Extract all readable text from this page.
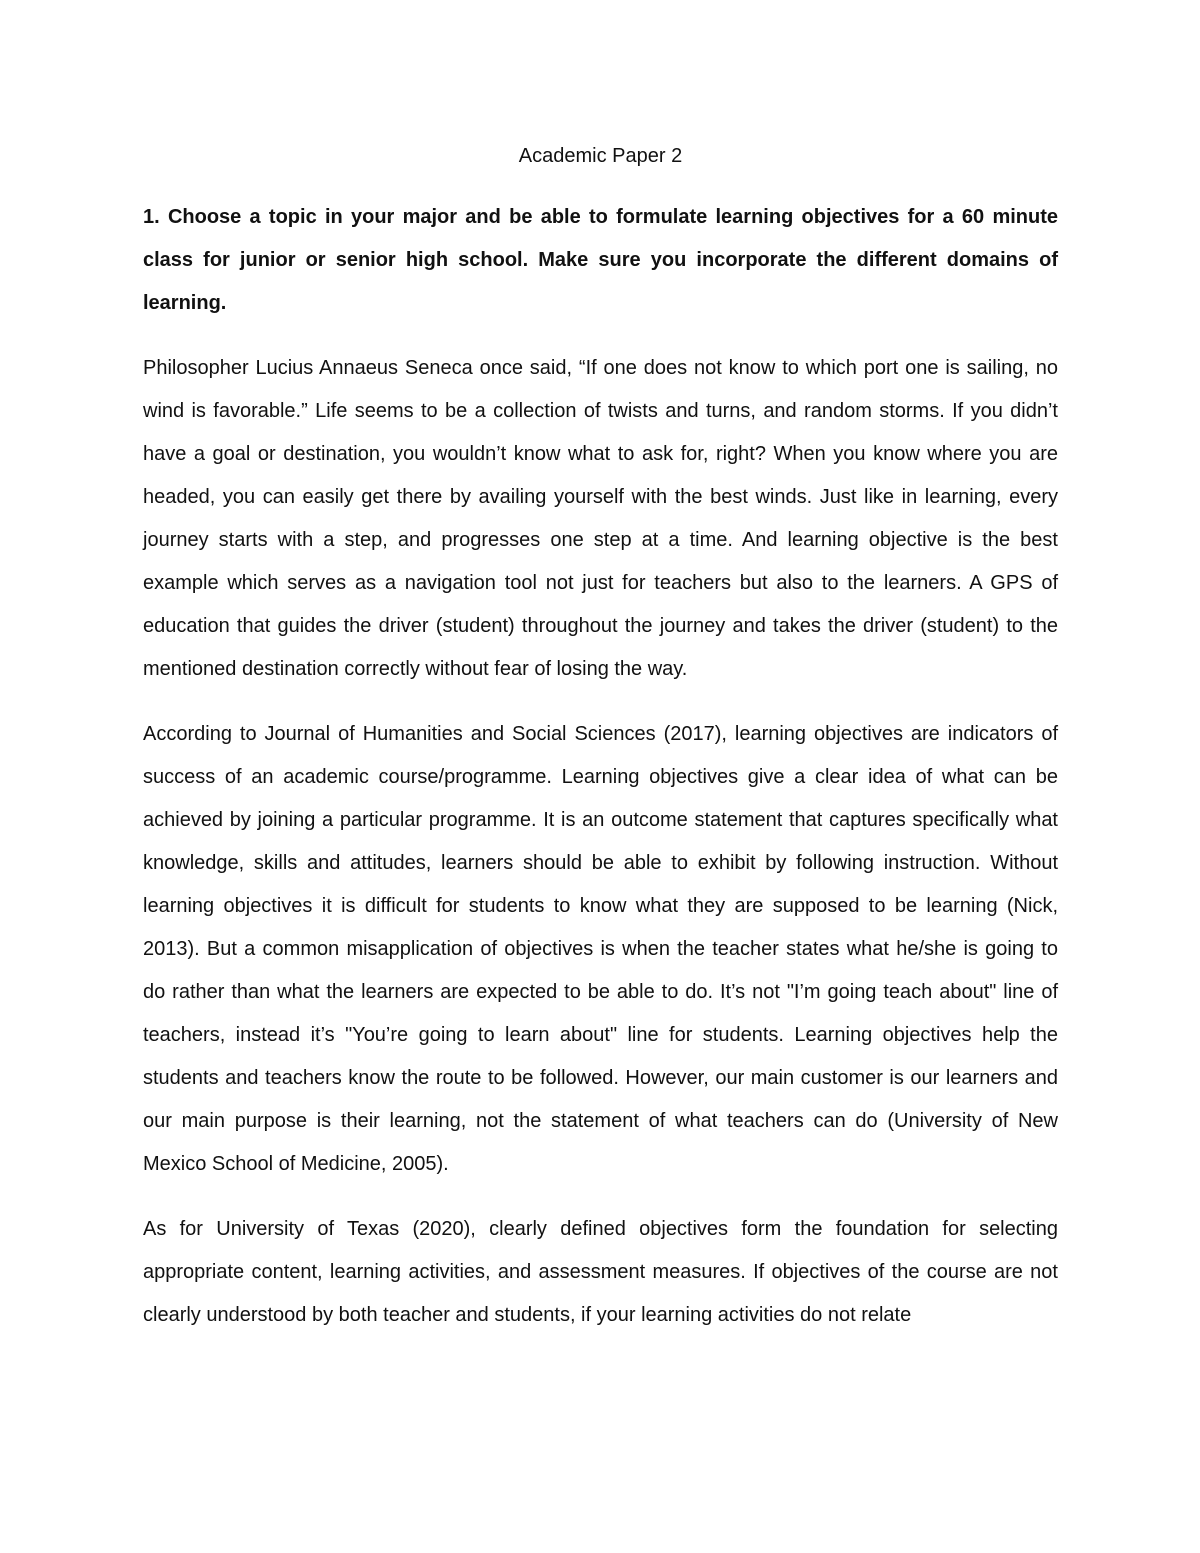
Academic Paper 2

1. Choose a topic in your major and be able to formulate learning objectives for a 60 minute class for junior or senior high school. Make sure you incorporate the different domains of learning.

Philosopher Lucius Annaeus Seneca once said, “If one does not know to which port one is sailing, no wind is favorable.” Life seems to be a collection of twists and turns, and random storms. If you didn’t have a goal or destination, you wouldn’t know what to ask for, right? When you know where you are headed, you can easily get there by availing yourself with the best winds. Just like in learning, every journey starts with a step, and progresses one step at a time. And learning objective is the best example which serves as a navigation tool not just for teachers but also to the learners. A GPS of education that guides the driver (student) throughout the journey and takes the driver (student) to the mentioned destination correctly without fear of losing the way.

According to Journal of Humanities and Social Sciences (2017), learning objectives are indicators of success of an academic course/programme. Learning objectives give a clear idea of what can be achieved by joining a particular programme. It is an outcome statement that captures specifically what knowledge, skills and attitudes, learners should be able to exhibit by following instruction. Without learning objectives it is difficult for students to know what they are supposed to be learning (Nick, 2013). But a common misapplication of objectives is when the teacher states what he/she is going to do rather than what the learners are expected to be able to do. It’s not "I’m going teach about" line of teachers, instead it’s "You’re going to learn about" line for students. Learning objectives help the students and teachers know the route to be followed. However, our main customer is our learners and our main purpose is their learning, not the statement of what teachers can do (University of New Mexico School of Medicine, 2005).

As for University of Texas (2020), clearly defined objectives form the foundation for selecting appropriate content, learning activities, and assessment measures. If objectives of the course are not clearly understood by both teacher and students, if your learning activities do not relate
